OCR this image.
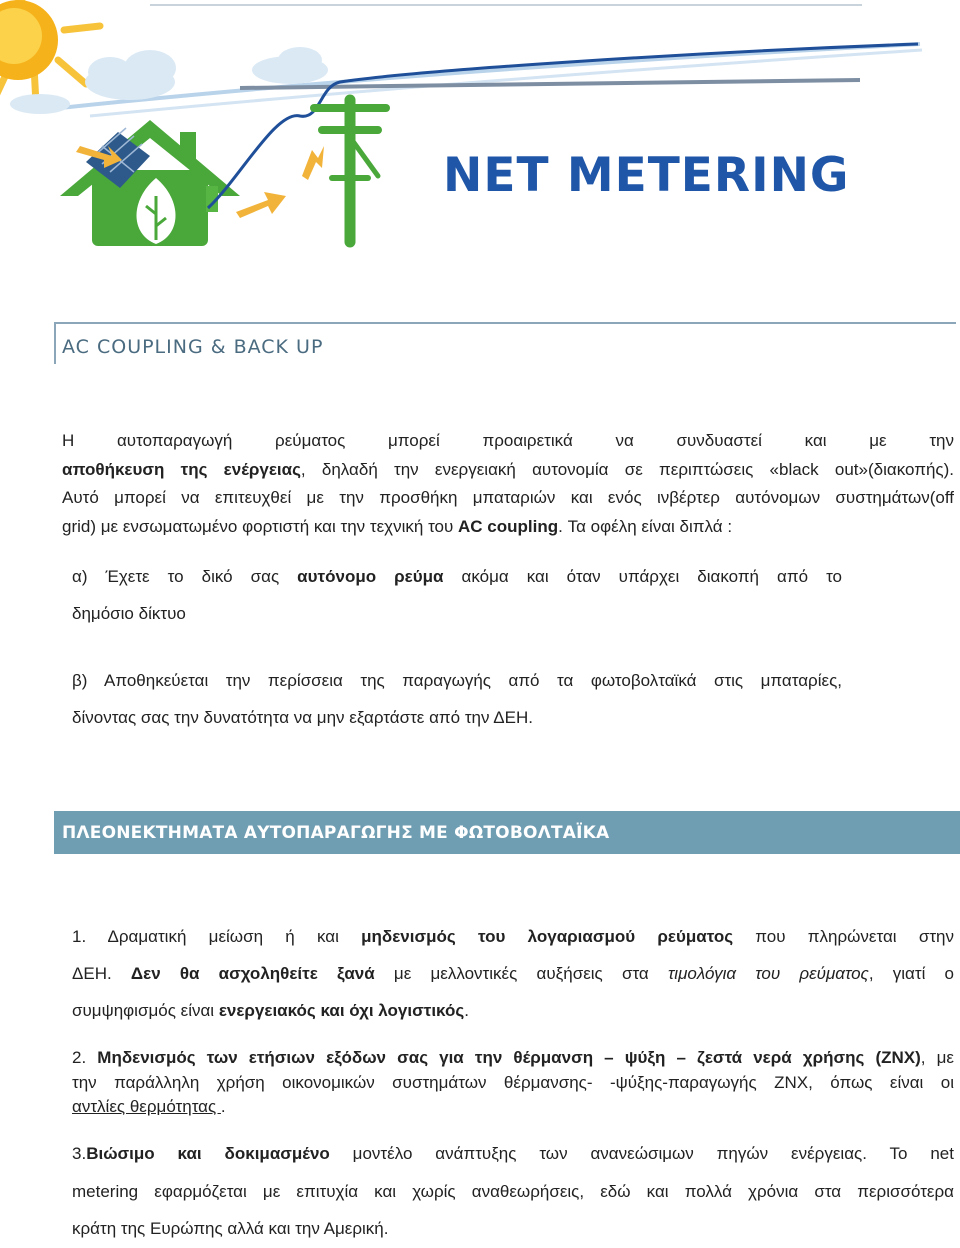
NET METERING
AC COUPLING & BACK UP
Η αυτοπαραγωγή ρεύματος μπορεί προαιρετικά να συνδυαστεί και με την
αποθήκευση της ενέργειας, δηλαδή την ενεργειακή αυτονομία σε περιπτώσεις «black out»(διακοπής).
Αυτό μπορεί να επιτευχθεί με την προσθήκη μπαταριών και ενός ινβέρτερ αυτόνομων συστημάτων(off
grid) με ενσωματωμένο φορτιστή και την τεχνική του AC coupling. Τα οφέλη είναι διπλά :
α) Έχετε το δικό σας αυτόνομο ρεύμα ακόμα και όταν υπάρχει διακοπή από το
δημόσιο δίκτυο
β) Αποθηκεύεται την περίσσεια της παραγωγής από τα φωτοβολταϊκά στις μπαταρίες,
δίνοντας σας την δυνατότητα να μην εξαρτάστε από την ΔΕΗ.
ΠΛΕΟΝΕΚΤΗΜΑΤΑ ΑΥΤΟΠΑΡΑΓΩΓΗΣ ΜΕ ΦΩΤΟΒΟΛΤΑΪΚΑ
1. Δραματική μείωση ή και μηδενισμός του λογαριασμού ρεύματος που πληρώνεται στην
ΔΕΗ. Δεν θα ασχοληθείτε ξανά με μελλοντικές αυξήσεις στα τιμολόγια του ρεύματος, γιατί ο
συμψηφισμός είναι ενεργειακός και όχι λογιστικός.
2. Μηδενισμός των ετήσιων εξόδων σας για την θέρμανση – ψύξη – ζεστά νερά χρήσης (ΖΝΧ), με
την παράλληλη χρήση οικονομικών συστημάτων θέρμανσης- -ψύξης-παραγωγής ΖΝΧ, όπως είναι οι
αντλίες θερμότητας .
3.Βιώσιμο και δοκιμασμένο μοντέλο ανάπτυξης των ανανεώσιμων πηγών ενέργειας. Το net
metering εφαρμόζεται με επιτυχία και χωρίς αναθεωρήσεις, εδώ και πολλά χρόνια στα περισσότερα
κράτη της Ευρώπης αλλά και την Αμερική.
